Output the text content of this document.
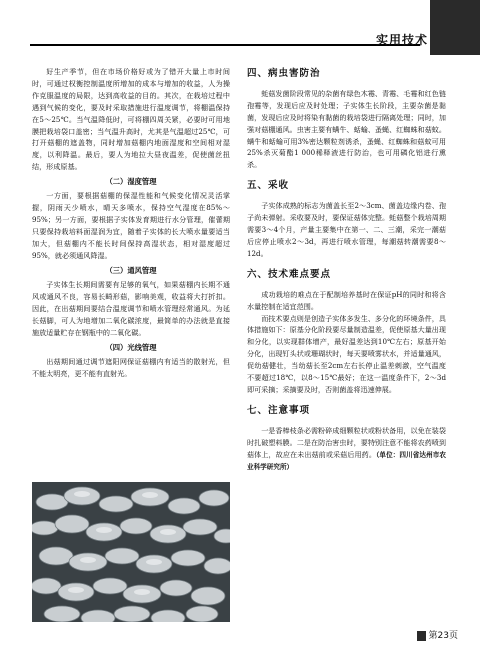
实用技术

好生产季节，但在市场价格好或为了错开大量上市时间时，可通过权衡控制温度所增加的成本与增加的收益，人为操作克服温度的局限，达到高收益的目的。其次，在栽培过程中遇到气候的变化，要及时采取措施进行温度调节，将棚温保持在5～25℃。当气温降低时，可将棚四周关紧，必要时可用地膜把栽培袋口盖密；当气温升高时，尤其是气温超过25℃，可打开菇棚的遮盖物，同时增加菇棚内地面湿度和空间相对湿度，以利降温。最后，要人为地拉大昼夜温差，促使菌丝扭结，形成原基。

（二）湿度管理

一方面，要根据菇棚的保湿性能和气候变化情况灵活掌握，阴雨天少喷水，晴天多喷水，保持空气湿度在85%～95%；另一方面，要根据子实体发育期进行水分管理，催蕾期只要保持栽培料面湿润为宜，随着子实体的长大喷水量要适当加大，但菇棚内不能长时间保持高湿状态，相对湿度超过95%，就必须通风降湿。

（三）通风管理

子实体生长期间需要有足够的氧气，如果菇棚内长期不通风或通风不良，容易长畸形菇，影响美观，收益将大打折扣。因此，在出菇期间要结合温度调节和喷水管理经常通风。为延长菇脚，可人为地增加二氧化碳浓度，最简单的办法就是直接施放适量贮存在钢瓶中的二氧化碳。

（四）光线管理

出菇期间通过调节遮阳网保证菇棚内有适当的散射光，但不能太明亮，更不能有直射光。

四、病虫害防治

蚝菇发菌阶段常见的杂菌有绿色木霉、青霉、毛霉和红色链孢霉等，发现后应及时处理；子实体生长阶段，主要杂菌是黏菌，发现后应及时将染有黏菌的栽培袋进行隔离处理；同时，加强对菇棚通风。虫害主要有螨牛、蛞蝓、蚤蝇、红蜘蛛和菇蚊。螨牛和蛞蝓可用3%密达颗粒剂诱杀，蚤蝇、红蜘蛛和菇蚊可用25%杀灭菊酯1 000稀释液进行防治，也可用磷化铝进行熏杀。

五、采收

子实体成熟的标志为菌盖长至2～3cm、菌盖边缘内卷、孢子尚未弹射。采收要及时，要保证菇体完整。蚝菇整个栽培周期需要3～4个月，产量主要集中在第一、二、三潮，采完一潮菇后应停止喷水2～3d，再进行喷水管理，每潮菇转潮需要8～12d。

六、技术难点要点

成功栽培的难点在于配制培养基时在保证pH的同时和将含水量控制在适宜范围。

而技术要点则是创造子实体多发生、多分化的环境条件，具体措施如下：原基分化阶段要尽量制造温差，促使原基大量出现和分化，以实现群体增产，最好温差达到10℃左右；原基开始分化，出现钉头状或珊瑚状时，每天要喷雾状水，并适量通风，促幼菇健壮，当幼菇长至2cm左右长停止温差刺激，空气温度不要超过18℃，以8～15℃最好；在这一温度条件下，2～3d即可采摘；采摘要及时，否则菌盖将迅速伸展。

七、注意事项

一是香棒枝条必需粉碎成细颗粒状或粉状备用，以免在装袋时扎破塑料膜。二是在防治害虫时，要特别注意不能将农药喷到菇体上，故应在未出菇前或采菇后用药。（单位：四川省达州市农业科学研究所）

第23页
